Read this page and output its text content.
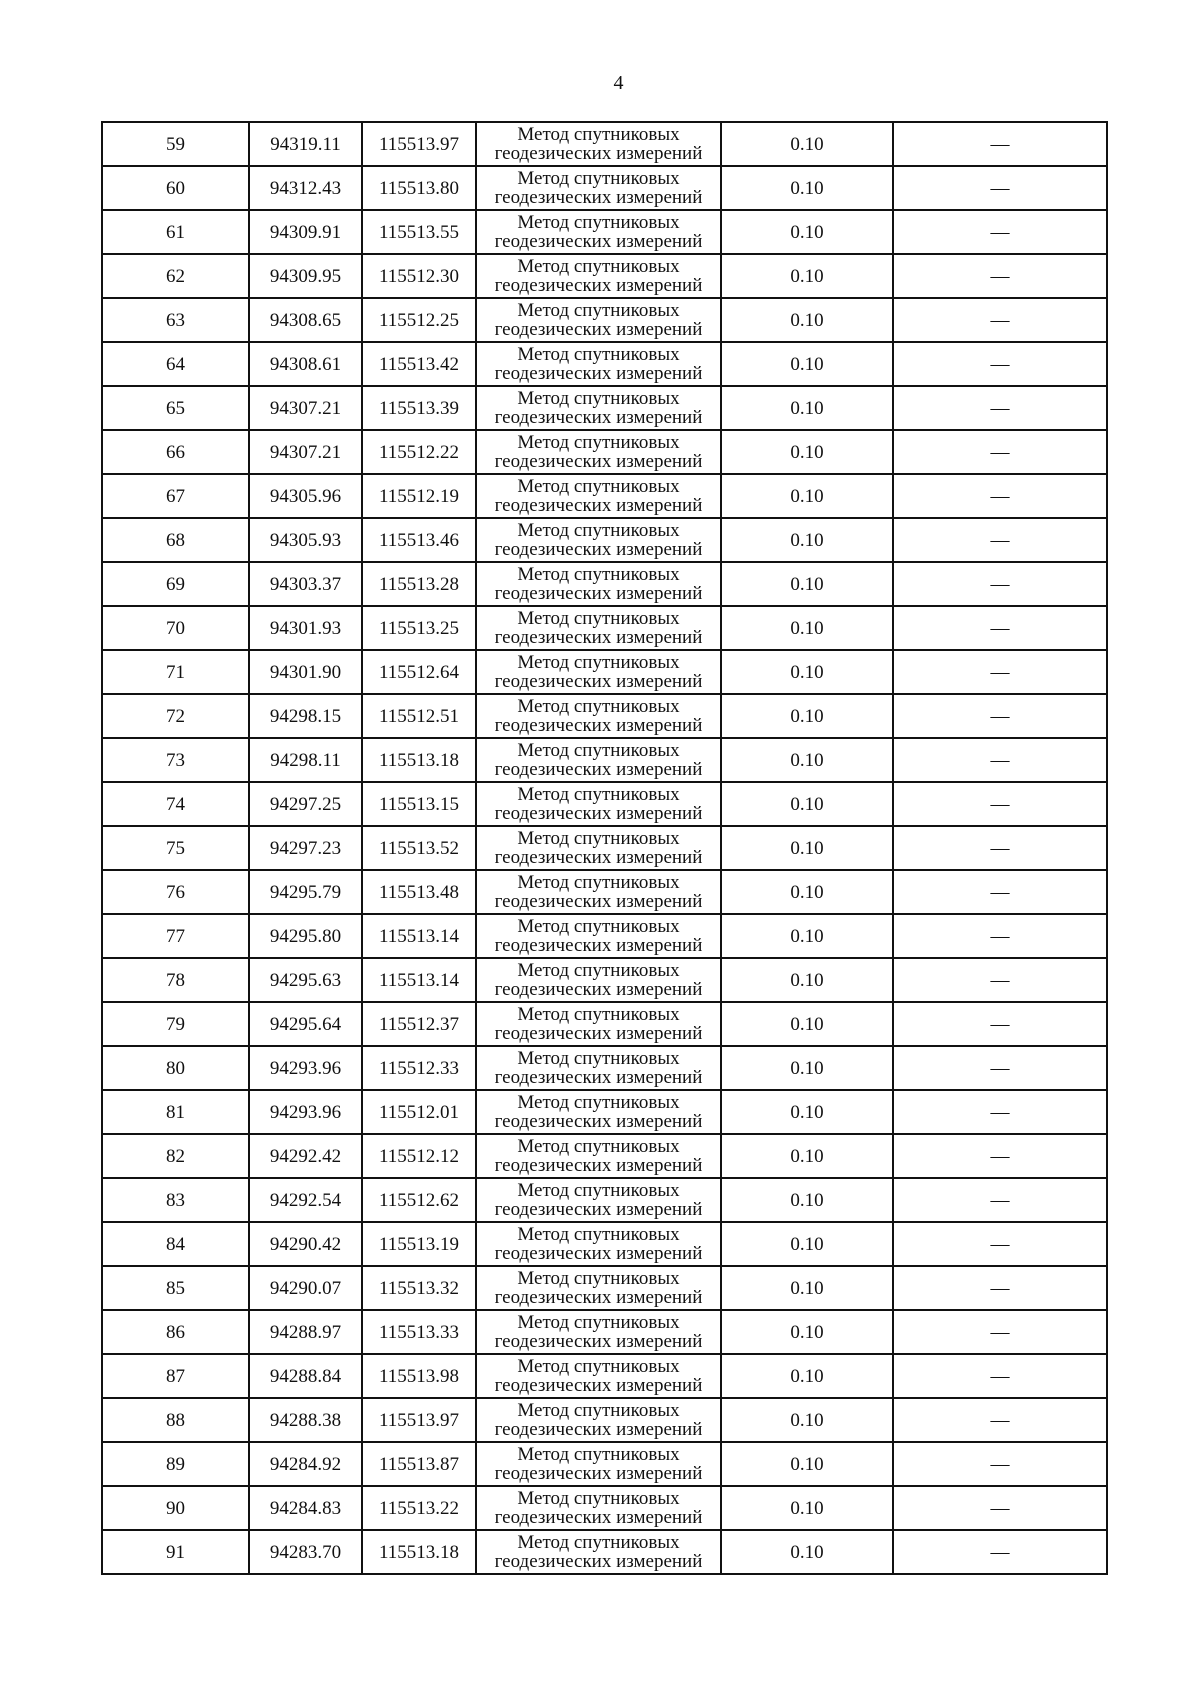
4
59	94319.11	115513.97	Метод спутниковых
геодезических измерений	0.10	—
60	94312.43	115513.80	Метод спутниковых
геодезических измерений	0.10	—
61	94309.91	115513.55	Метод спутниковых
геодезических измерений	0.10	—
62	94309.95	115512.30	Метод спутниковых
геодезических измерений	0.10	—
63	94308.65	115512.25	Метод спутниковых
геодезических измерений	0.10	—
64	94308.61	115513.42	Метод спутниковых
геодезических измерений	0.10	—
65	94307.21	115513.39	Метод спутниковых
геодезических измерений	0.10	—
66	94307.21	115512.22	Метод спутниковых
геодезических измерений	0.10	—
67	94305.96	115512.19	Метод спутниковых
геодезических измерений	0.10	—
68	94305.93	115513.46	Метод спутниковых
геодезических измерений	0.10	—
69	94303.37	115513.28	Метод спутниковых
геодезических измерений	0.10	—
70	94301.93	115513.25	Метод спутниковых
геодезических измерений	0.10	—
71	94301.90	115512.64	Метод спутниковых
геодезических измерений	0.10	—
72	94298.15	115512.51	Метод спутниковых
геодезических измерений	0.10	—
73	94298.11	115513.18	Метод спутниковых
геодезических измерений	0.10	—
74	94297.25	115513.15	Метод спутниковых
геодезических измерений	0.10	—
75	94297.23	115513.52	Метод спутниковых
геодезических измерений	0.10	—
76	94295.79	115513.48	Метод спутниковых
геодезических измерений	0.10	—
77	94295.80	115513.14	Метод спутниковых
геодезических измерений	0.10	—
78	94295.63	115513.14	Метод спутниковых
геодезических измерений	0.10	—
79	94295.64	115512.37	Метод спутниковых
геодезических измерений	0.10	—
80	94293.96	115512.33	Метод спутниковых
геодезических измерений	0.10	—
81	94293.96	115512.01	Метод спутниковых
геодезических измерений	0.10	—
82	94292.42	115512.12	Метод спутниковых
геодезических измерений	0.10	—
83	94292.54	115512.62	Метод спутниковых
геодезических измерений	0.10	—
84	94290.42	115513.19	Метод спутниковых
геодезических измерений	0.10	—
85	94290.07	115513.32	Метод спутниковых
геодезических измерений	0.10	—
86	94288.97	115513.33	Метод спутниковых
геодезических измерений	0.10	—
87	94288.84	115513.98	Метод спутниковых
геодезических измерений	0.10	—
88	94288.38	115513.97	Метод спутниковых
геодезических измерений	0.10	—
89	94284.92	115513.87	Метод спутниковых
геодезических измерений	0.10	—
90	94284.83	115513.22	Метод спутниковых
геодезических измерений	0.10	—
91	94283.70	115513.18	Метод спутниковых
геодезических измерений	0.10	—
